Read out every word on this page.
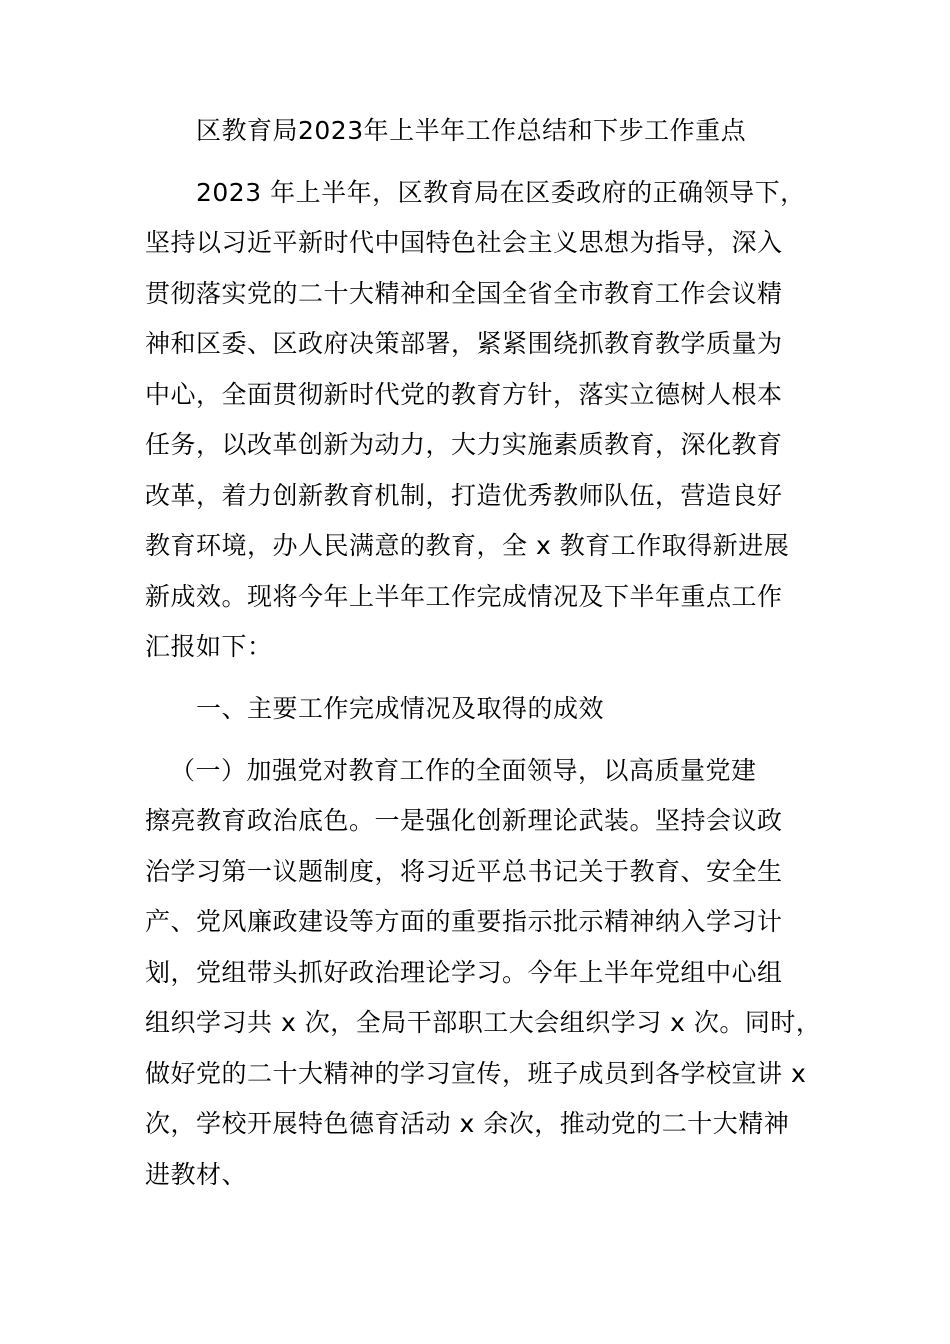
区教育局2023年上半年工作总结和下步工作重点
2023 年上半年，区教育局在区委政府的正确领导下，
坚持以习近平新时代中国特色社会主义思想为指导，深入
贯彻落实党的二十大精神和全国全省全市教育工作会议精
神和区委、区政府决策部署，紧紧围绕抓教育教学质量为
中心，全面贯彻新时代党的教育方针，落实立德树人根本
任务，以改革创新为动力，大力实施素质教育，深化教育
改革，着力创新教育机制，打造优秀教师队伍，营造良好
教育环境，办人民满意的教育，全 x 教育工作取得新进展
新成效。现将今年上半年工作完成情况及下半年重点工作
汇报如下：
一、主要工作完成情况及取得的成效
（一）加强党对教育工作的全面领导，以高质量党建
擦亮教育政治底色。一是强化创新理论武装。坚持会议政
治学习第一议题制度，将习近平总书记关于教育、安全生
产、党风廉政建设等方面的重要指示批示精神纳入学习计
划，党组带头抓好政治理论学习。今年上半年党组中心组
组织学习共 x 次，全局干部职工大会组织学习 x 次。同时，
做好党的二十大精神的学习宣传，班子成员到各学校宣讲 x
次，学校开展特色德育活动 x 余次，推动党的二十大精神
进教材、
